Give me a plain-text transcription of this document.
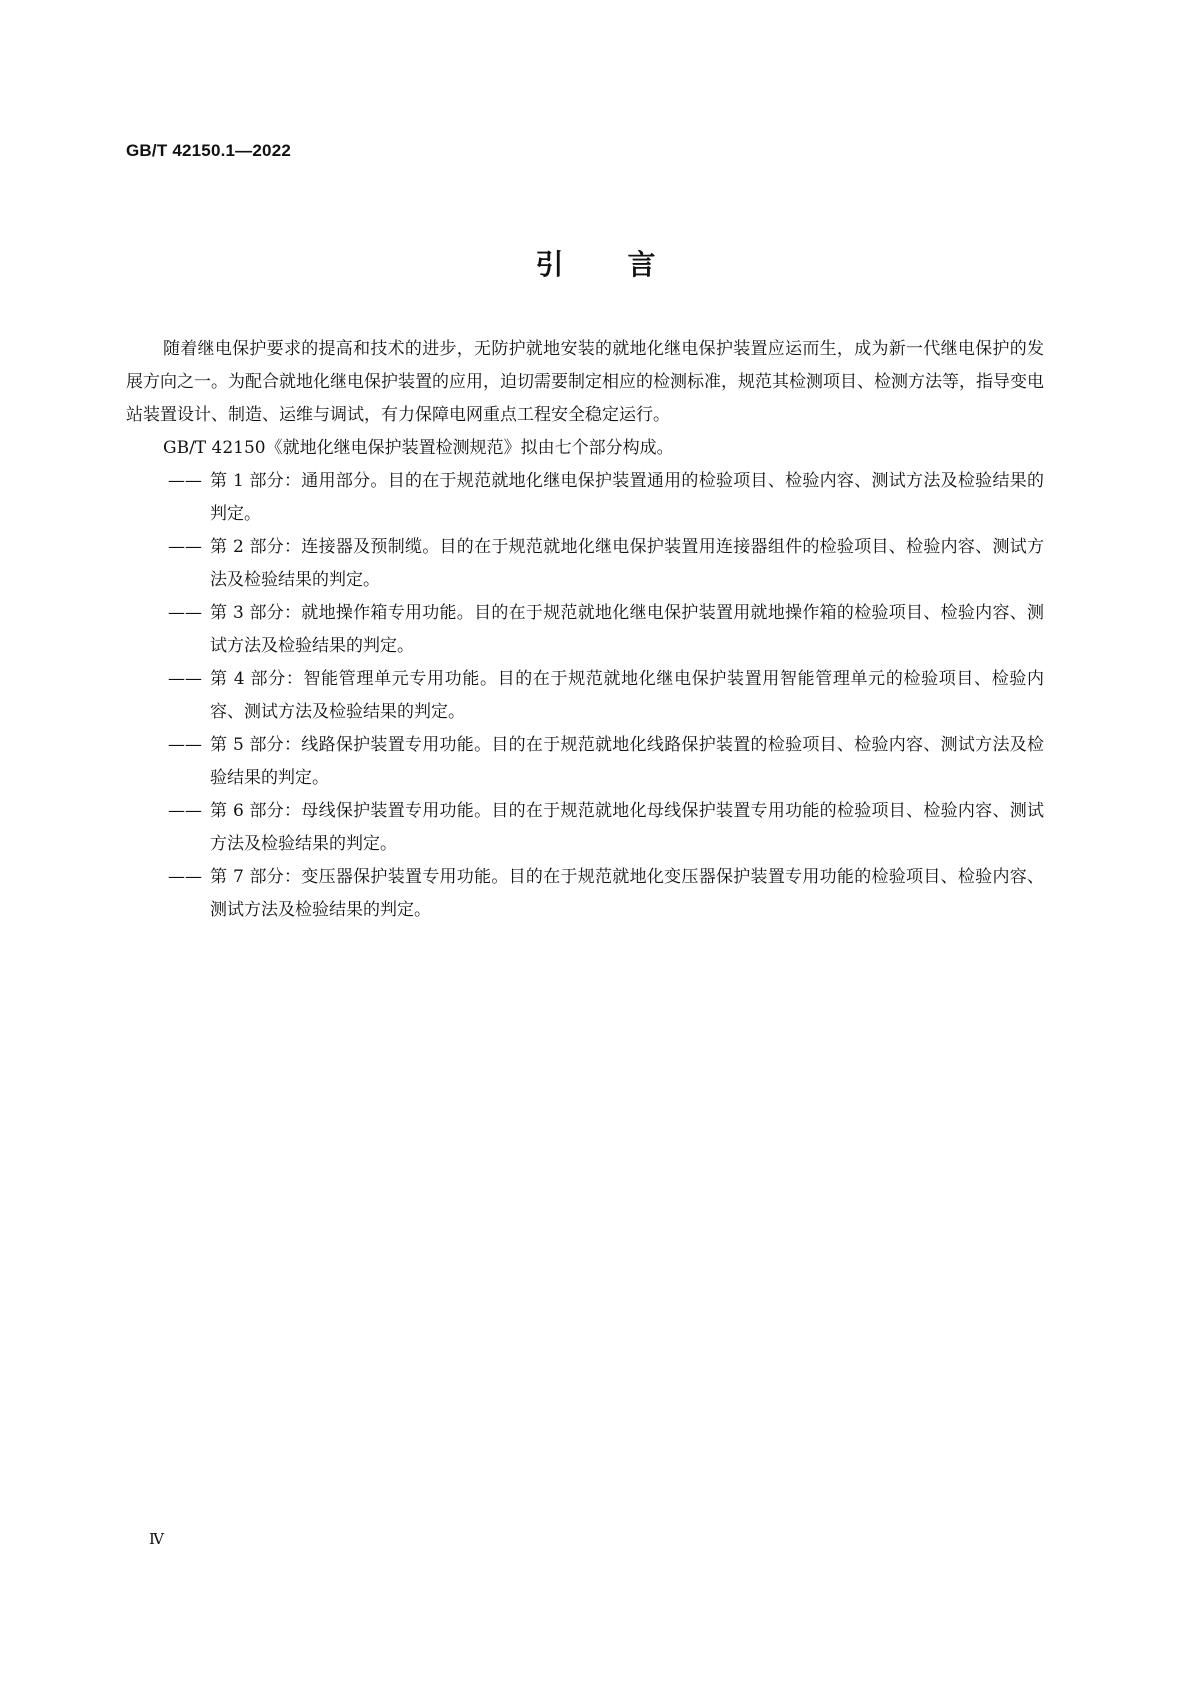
GB/T 42150.1—2022
引言

随着继电保护要求的提高和技术的进步，无防护就地安装的就地化继电保护装置应运而生，成为新一代继电保护的发展方向之一。为配合就地化继电保护装置的应用，迫切需要制定相应的检测标准，规范其检测项目、检测方法等，指导变电站装置设计、制造、运维与调试，有力保障电网重点工程安全稳定运行。

GB/T 42150《就地化继电保护装置检测规范》拟由七个部分构成。

—— 第 1 部分：通用部分。目的在于规范就地化继电保护装置通用的检验项目、检验内容、测试方法及检验结果的判定。
—— 第 2 部分：连接器及预制缆。目的在于规范就地化继电保护装置用连接器组件的检验项目、检验内容、测试方法及检验结果的判定。
—— 第 3 部分：就地操作箱专用功能。目的在于规范就地化继电保护装置用就地操作箱的检验项目、检验内容、测试方法及检验结果的判定。
—— 第 4 部分：智能管理单元专用功能。目的在于规范就地化继电保护装置用智能管理单元的检验项目、检验内容、测试方法及检验结果的判定。
—— 第 5 部分：线路保护装置专用功能。目的在于规范就地化线路保护装置的检验项目、检验内容、测试方法及检验结果的判定。
—— 第 6 部分：母线保护装置专用功能。目的在于规范就地化母线保护装置专用功能的检验项目、检验内容、测试方法及检验结果的判定。
—— 第 7 部分：变压器保护装置专用功能。目的在于规范就地化变压器保护装置专用功能的检验项目、检验内容、测试方法及检验结果的判定。
Ⅳ
